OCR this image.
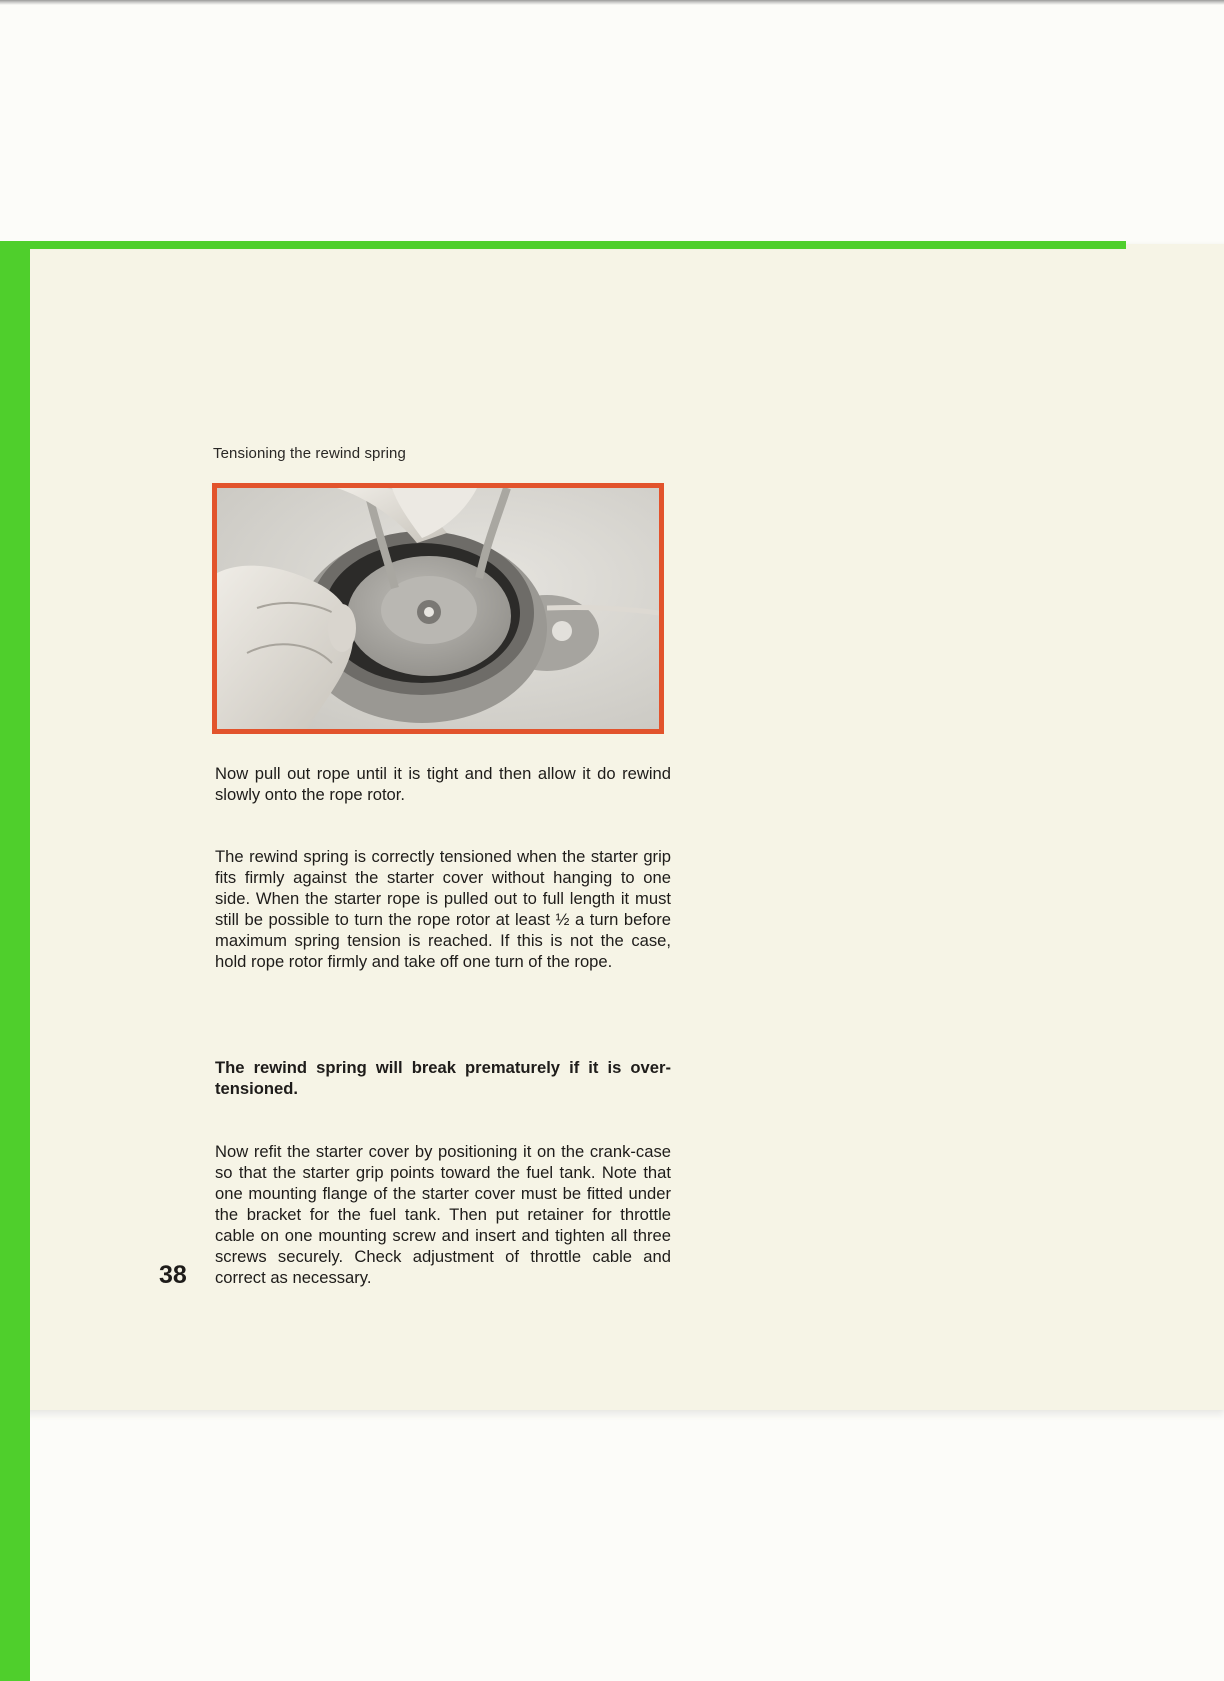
Tensioning the rewind spring

Now pull out rope until it is tight and then allow it do rewind slowly onto the rope rotor.

The rewind spring is correctly tensioned when the starter grip fits firmly against the starter cover without hanging to one side. When the starter rope is pulled out to full length it must still be possible to turn the rope rotor at least ½ a turn before maximum spring tension is reached. If this is not the case, hold rope rotor firmly and take off one turn of the rope.

The rewind spring will break prematurely if it is over-tensioned.

Now refit the starter cover by positioning it on the crank-case so that the starter grip points toward the fuel tank. Note that one mounting flange of the starter cover must be fitted under the bracket for the fuel tank. Then put retainer for throttle cable on one mounting screw and insert and tighten all three screws securely. Check adjustment of throttle cable and correct as necessary.

38
